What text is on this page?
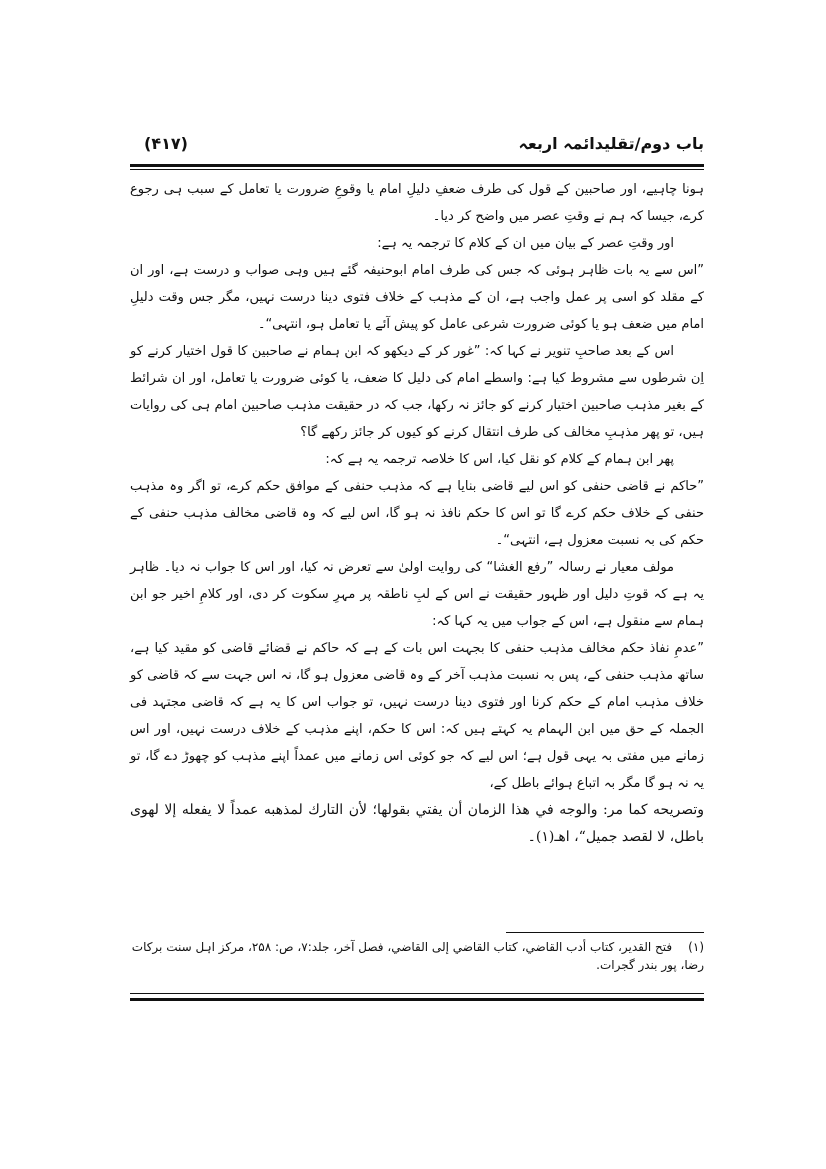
باب دوم/تقلیدائمہ اربعہ
(۴۱۷)

ہونا چاہیے، اور صاحبین کے قول کی طرف ضعفِ دلیلِ امام یا وقوعِ ضرورت یا تعامل کے سبب ہی رجوع کرے، جیسا کہ ہم نے وقتِ عصر میں واضح کر دیا۔

اور وقتِ عصر کے بیان میں ان کے کلام کا ترجمہ یہ ہے:

”اس سے یہ بات ظاہر ہوئی کہ جس کی طرف امام ابوحنیفہ گئے ہیں وہی صواب و درست ہے، اور ان کے مقلد کو اسی پر عمل واجب ہے، ان کے مذہب کے خلاف فتوی دینا درست نہیں، مگر جس وقت دلیلِ امام میں ضعف ہو یا کوئی ضرورت شرعی عامل کو پیش آئے یا تعامل ہو، انتہی“۔

اس کے بعد صاحبِ تنویر نے کہا کہ: ”غور کر کے دیکھو کہ ابن ہمام نے صاحبین کا قول اختیار کرنے کو اِن شرطوں سے مشروط کیا ہے: واسطے امام کی دلیل کا ضعف، یا کوئی ضرورت یا تعامل، اور ان شرائط کے بغیر مذہب صاحبین اختیار کرنے کو جائز نہ رکھا، جب کہ در حقیقت مذہب صاحبین امام ہی کی روایات ہیں، تو پھر مذہبِ مخالف کی طرف انتقال کرنے کو کیوں کر جائز رکھے گا؟

پھر ابن ہمام کے کلام کو نقل کیا، اس کا خلاصہ ترجمہ یہ ہے کہ:

”حاکم نے قاضی حنفی کو اس لیے قاضی بنایا ہے کہ مذہب حنفی کے موافق حکم کرے، تو اگر وہ مذہب حنفی کے خلاف حکم کرے گا تو اس کا حکم نافذ نہ ہو گا، اس لیے کہ وہ قاضی مخالف مذہب حنفی کے حکم کی بہ نسبت معزول ہے، انتہی“۔

مولف معیار نے رسالہ ”رفع الغشا“ کی روایت اولیٰ سے تعرض نہ کیا، اور اس کا جواب نہ دیا۔ ظاہر یہ ہے کہ قوتِ دلیل اور ظہور حقیقت نے اس کے لبِ ناطقہ پر مہرِ سکوت کر دی، اور کلامِ اخیر جو ابن ہمام سے منقول ہے، اس کے جواب میں یہ کہا کہ:

”عدمِ نفاذ حکم مخالف مذہب حنفی کا بجہت اس بات کے ہے کہ حاکم نے قضائے قاضی کو مقید کیا ہے، ساتھ مذہب حنفی کے، پس بہ نسبت مذہب آخر کے وہ قاضی معزول ہو گا، نہ اس جہت سے کہ قاضی کو خلاف مذہب امام کے حکم کرنا اور فتوی دینا درست نہیں، تو جواب اس کا یہ ہے کہ قاضی مجتہد فی الجملہ کے حق میں ابن الہمام یہ کہتے ہیں کہ: اس کا حکم، اپنے مذہب کے خلاف درست نہیں، اور اس زمانے میں مفتی بہ یہی قول ہے؛ اس لیے کہ جو کوئی اس زمانے میں عمداً اپنے مذہب کو چھوڑ دے گا، تو یہ نہ ہو گا مگر بہ اتباع ہوائے باطل کے،

وتصريحه كما مر: والوجه في هذا الزمان أن يفتي بقولها؛ لأن التارك لمذهبه عمداً لا يفعله إلا لهوى باطل، لا لقصد جميل“، اهـ(۱)۔

(۱)فتح القدير، كتاب أدب القاضي، كتاب القاضي إلى القاضي، فصل آخر، جلد:۷، ص: ۲۵۸، مرکز اہل سنت برکات رضا، پور بندر گجرات.
